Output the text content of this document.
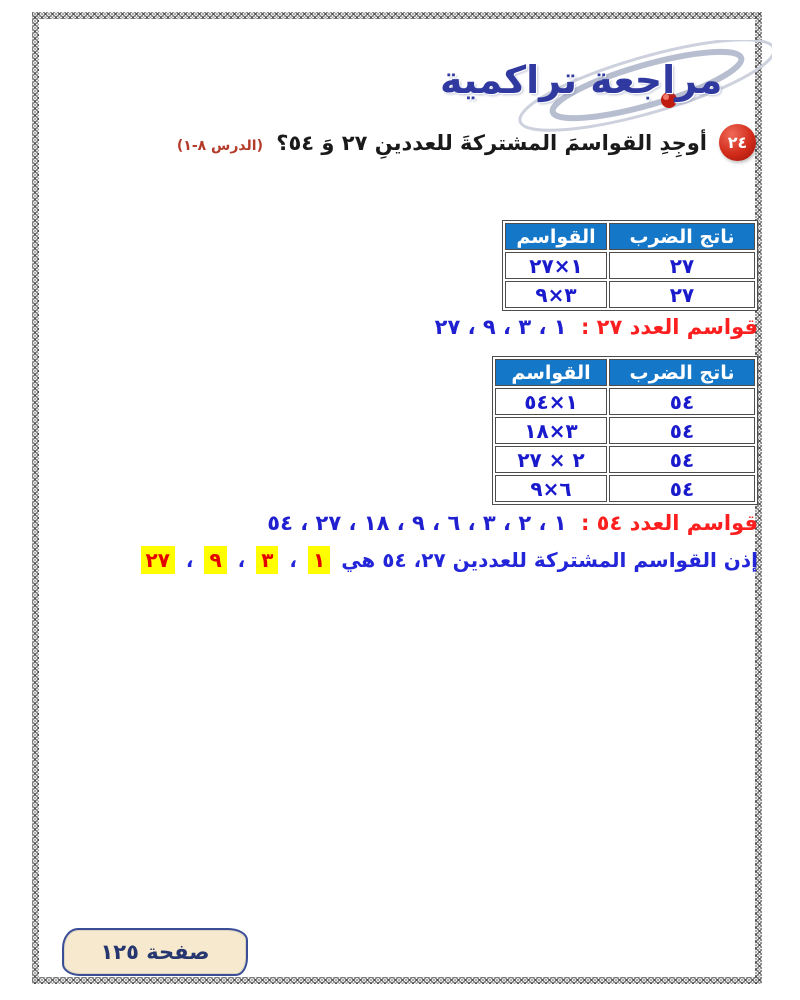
مراجعة تراكمية
٢٤
أوجِدِ القواسمَ المشتركةَ للعددينِ ٢٧ وَ ٥٤؟ (الدرس ٨-١)
ناتج الضرب	القواسم
٢٧	١×٢٧
٢٧	٣×٩
قواسم العدد ٢٧ : ١ ، ٣ ، ٩ ، ٢٧
ناتج الضرب	القواسم
٥٤	١×٥٤
٥٤	٣×١٨
٥٤	٢ × ٢٧
٥٤	٦×٩
قواسم العدد ٥٤ : ١ ، ٢ ، ٣ ، ٦ ، ٩ ، ١٨ ، ٢٧ ، ٥٤
إذن القواسم المشتركة للعددين ٢٧، ٥٤ هي ١ ، ٣ ، ٩ ، ٢٧
صفحة ١٢٥
